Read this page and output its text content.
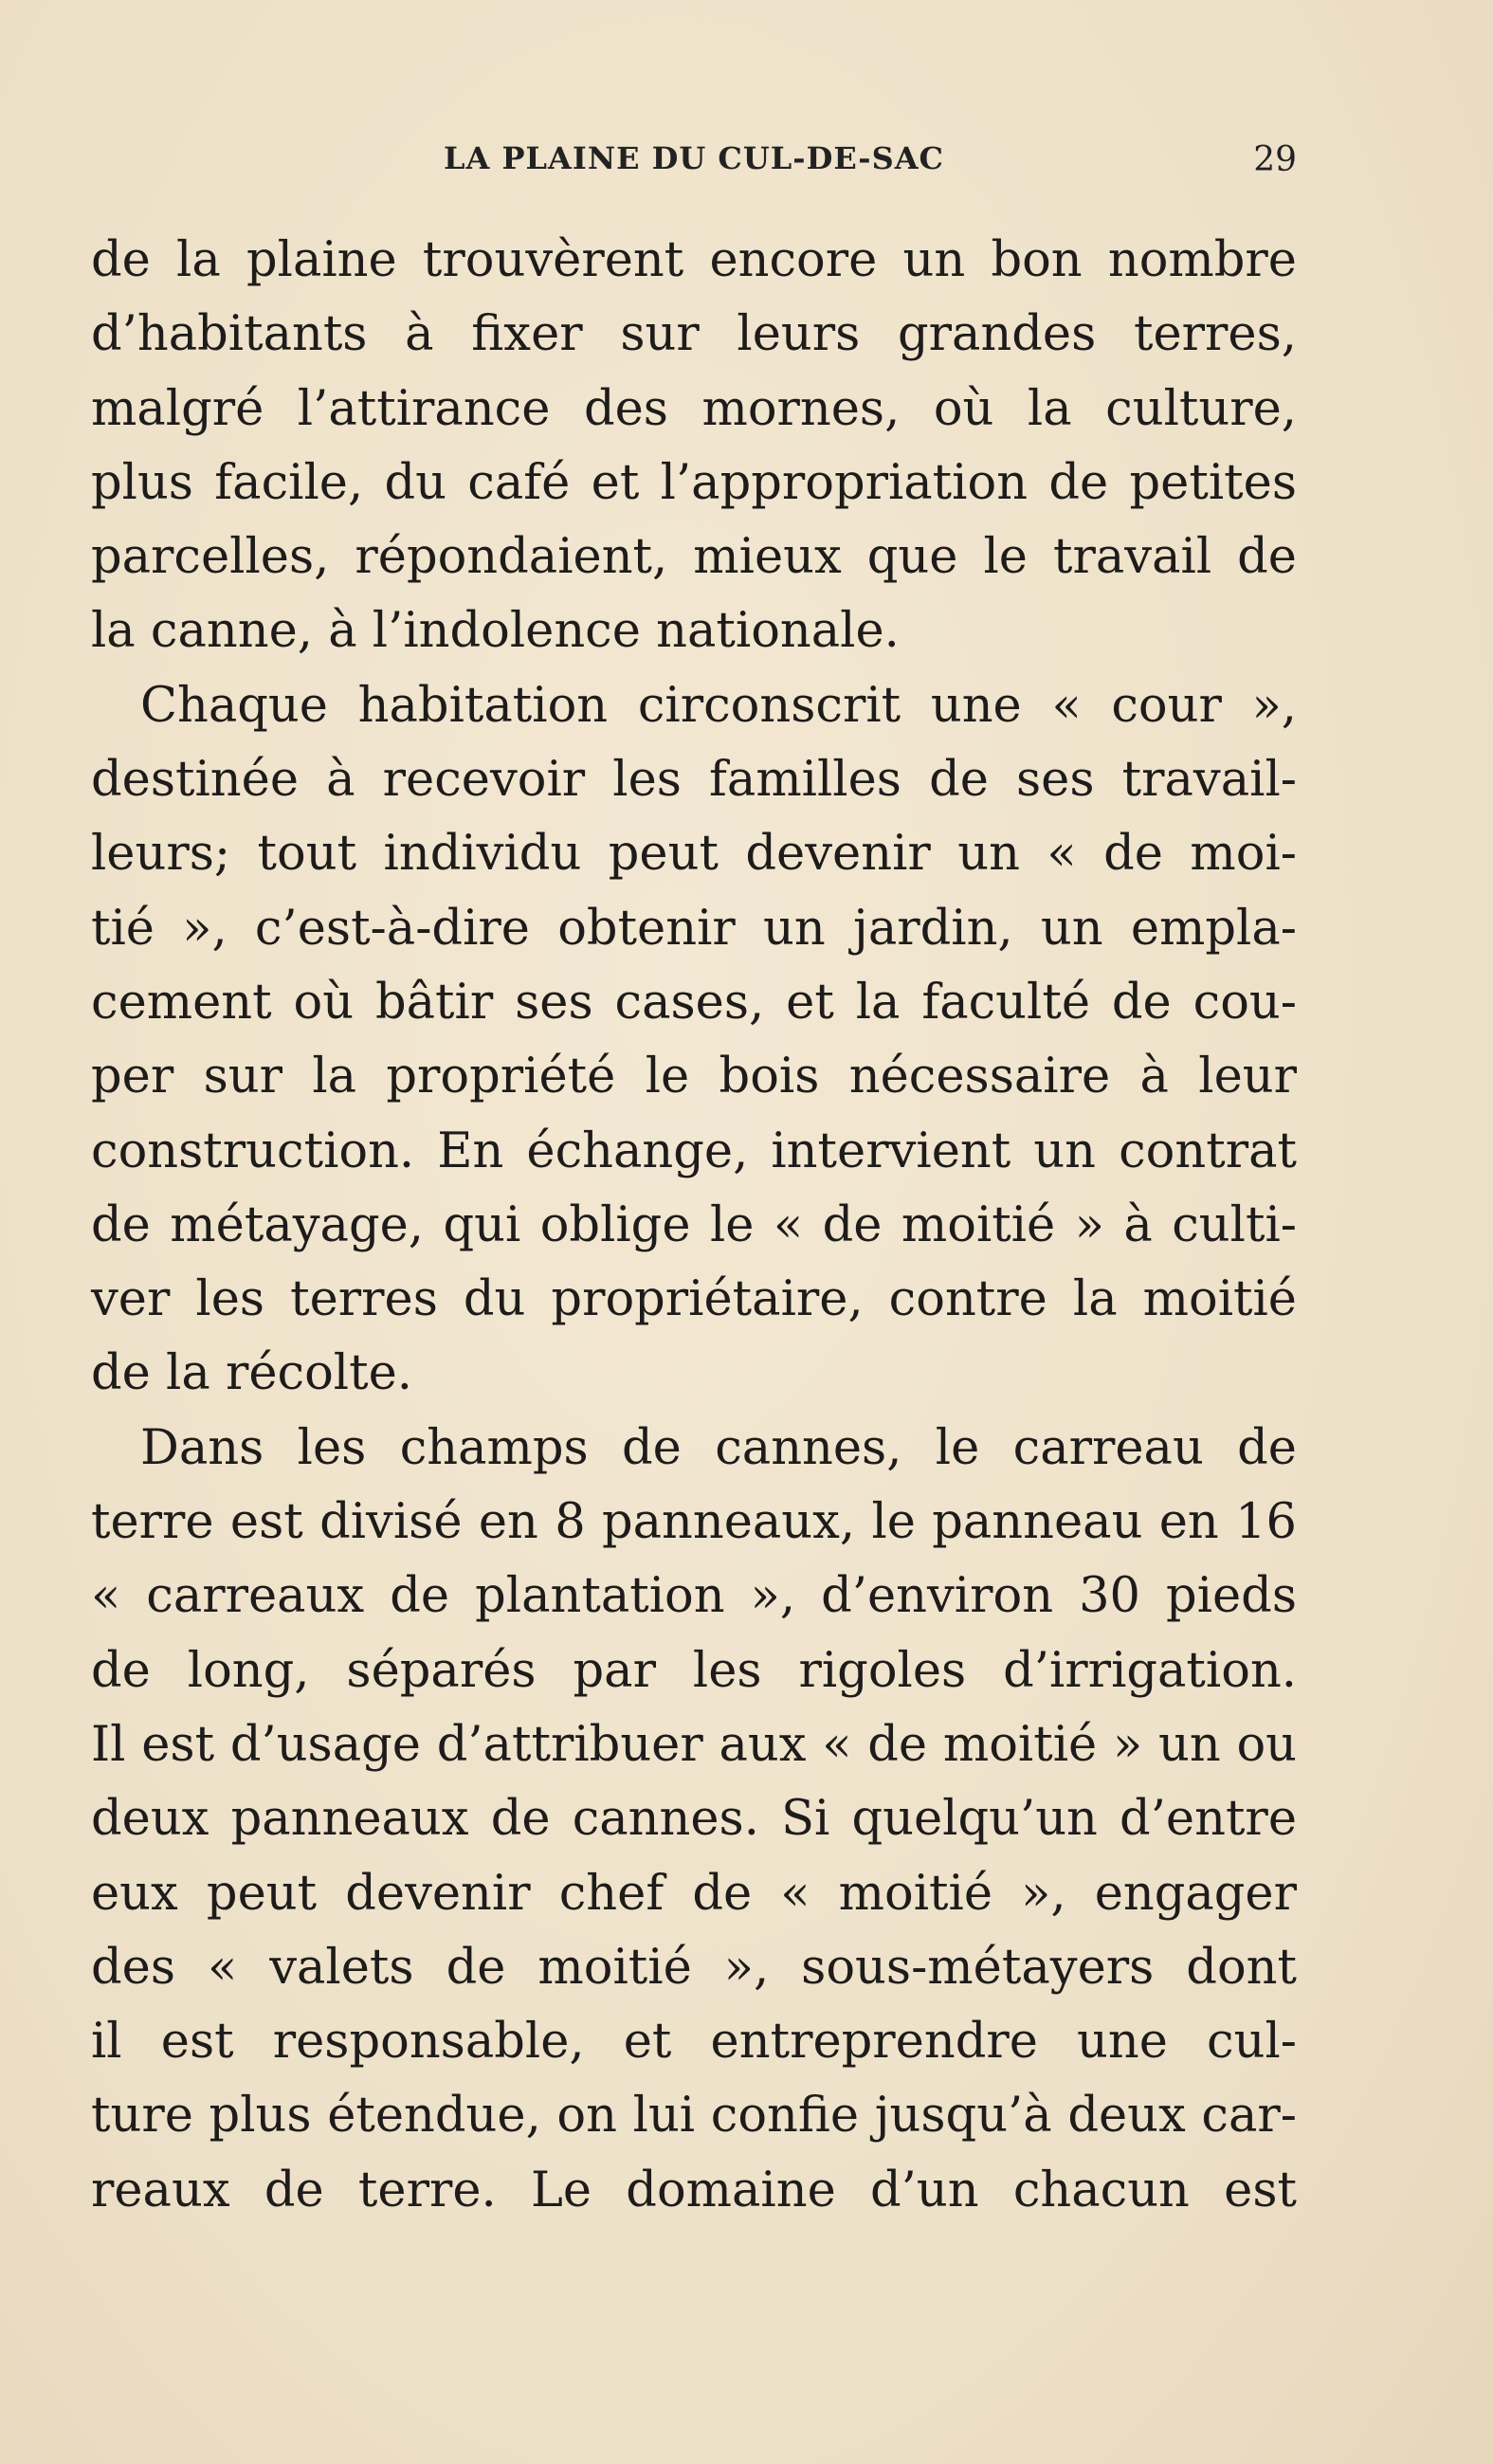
LA PLAINE DU CUL-DE-SAC	29
de la plaine trouvèrent encore un bon nombre
d’habitants à fixer sur leurs grandes terres,
malgré l’attirance des mornes, où la culture,
plus facile, du café et l’appropriation de petites
parcelles, répondaient, mieux que le travail de
la canne, à l’indolence nationale.
Chaque habitation circonscrit une « cour »,
destinée à recevoir les familles de ses travail-
leurs; tout individu peut devenir un « de moi-
tié », c’est-à-dire obtenir un jardin, un empla-
cement où bâtir ses cases, et la faculté de cou-
per sur la propriété le bois nécessaire à leur
construction. En échange, intervient un contrat
de métayage, qui oblige le « de moitié » à culti-
ver les terres du propriétaire, contre la moitié
de la récolte.
Dans les champs de cannes, le carreau de
terre est divisé en 8 panneaux, le panneau en 16
« carreaux de plantation », d’environ 30 pieds
de long, séparés par les rigoles d’irrigation.
Il est d’usage d’attribuer aux « de moitié » un ou
deux panneaux de cannes. Si quelqu’un d’entre
eux peut devenir chef de « moitié », engager
des « valets de moitié », sous-métayers dont
il est responsable, et entreprendre une cul-
ture plus étendue, on lui confie jusqu’à deux car-
reaux de terre. Le domaine d’un chacun est
